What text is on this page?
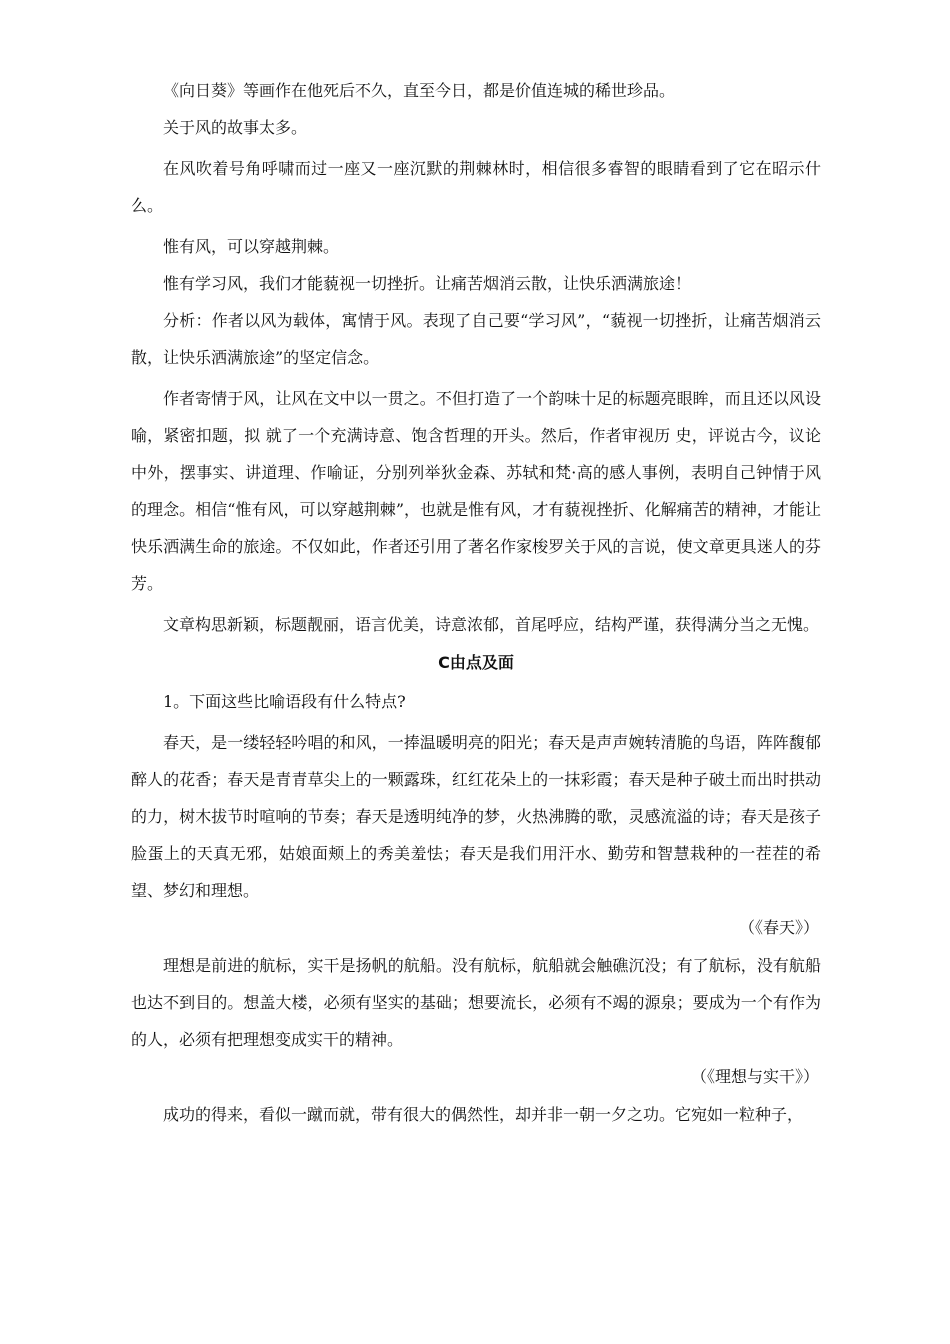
《向日葵》等画作在他死后不久，直至今日，都是价值连城的稀世珍品。

关于风的故事太多。

在风吹着号角呼啸而过一座又一座沉默的荆棘林时，相信很多睿智的眼睛看到了它在昭示什么。

惟有风，可以穿越荆棘。

惟有学习风，我们才能藐视一切挫折。让痛苦烟消云散，让快乐洒满旅途！

分析：作者以风为载体，寓情于风。表现了自己要“学习风”，“藐视一切挫折，让痛苦烟消云散，让快乐洒满旅途”的坚定信念。

作者寄情于风，让风在文中以一贯之。不但打造了一个韵味十足的标题亮眼眸，而且还以风设喻，紧密扣题，拟 就了一个充满诗意、饱含哲理的开头。然后，作者审视历 史，评说古今，议论中外，摆事实、讲道理、作喻证，分别列举狄金森、苏轼和梵·高的感人事例，表明自己钟情于风的理念。相信“惟有风，可以穿越荆棘”，也就是惟有风，才有藐视挫折、化解痛苦的精神，才能让快乐洒满生命的旅途。不仅如此，作者还引用了著名作家梭罗关于风的言说，使文章更具迷人的芬芳。

文章构思新颖，标题靓丽，语言优美，诗意浓郁，首尾呼应，结构严谨，获得满分当之无愧。

C由点及面

1。下面这些比喻语段有什么特点?

春天，是一缕轻轻吟唱的和风，一捧温暖明亮的阳光；春天是声声婉转清脆的鸟语，阵阵馥郁醉人的花香；春天是青青草尖上的一颗露珠，红红花朵上的一抹彩霞；春天是种子破土而出时拱动的力，树木拔节时喧响的节奏；春天是透明纯净的梦，火热沸腾的歌，灵感流溢的诗；春天是孩子脸蛋上的天真无邪，姑娘面颊上的秀美羞怯；春天是我们用汗水、勤劳和智慧栽种的一茬茬的希望、梦幻和理想。

（《春天》）

理想是前进的航标，实干是扬帆的航船。没有航标，航船就会触礁沉没；有了航标，没有航船也达不到目的。想盖大楼，必须有坚实的基础；想要流长，必须有不竭的源泉；要成为一个有作为的人，必须有把理想变成实干的精神。

（《理想与实干》）

成功的得来，看似一蹴而就，带有很大的偶然性，却并非一朝一夕之功。它宛如一粒种子，
